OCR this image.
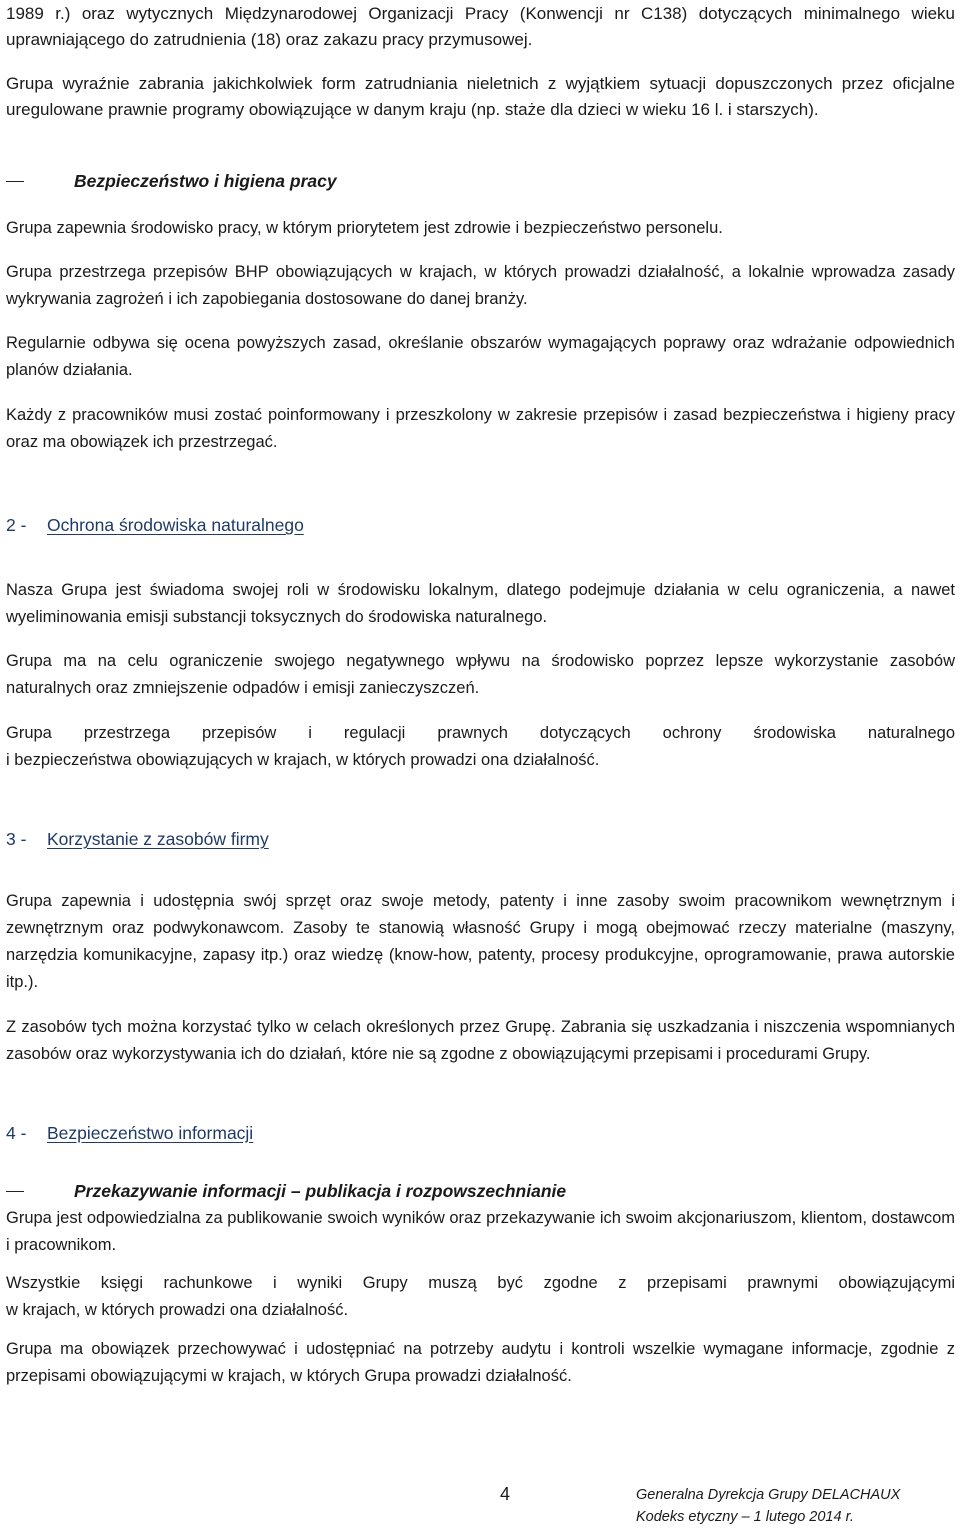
1989 r.) oraz wytycznych Międzynarodowej Organizacji Pracy (Konwencji nr C138) dotyczących minimalnego wieku uprawniającego do zatrudnienia (18) oraz zakazu pracy przymusowej.

Grupa wyraźnie zabrania jakichkolwiek form zatrudniania nieletnich z wyjątkiem sytuacji dopuszczonych przez oficjalne uregulowane prawnie programy obowiązujące w danym kraju (np. staże dla dzieci w wieku 16 l. i starszych).

Bezpieczeństwo i higiena pracy

Grupa zapewnia środowisko pracy, w którym priorytetem jest zdrowie i bezpieczeństwo personelu.

Grupa przestrzega przepisów BHP obowiązujących w krajach, w których prowadzi działalność, a lokalnie wprowadza zasady wykrywania zagrożeń i ich zapobiegania dostosowane do danej branży.

Regularnie odbywa się ocena powyższych zasad, określanie obszarów wymagających poprawy oraz wdrażanie odpowiednich planów działania.

Każdy z pracowników musi zostać poinformowany i przeszkolony w zakresie przepisów i zasad bezpieczeństwa i higieny pracy oraz ma obowiązek ich przestrzegać.

2 - Ochrona środowiska naturalnego

Nasza Grupa jest świadoma swojej roli w środowisku lokalnym, dlatego podejmuje działania w celu ograniczenia, a nawet wyeliminowania emisji substancji toksycznych do środowiska naturalnego.

Grupa ma na celu ograniczenie swojego negatywnego wpływu na środowisko poprzez lepsze wykorzystanie zasobów naturalnych oraz zmniejszenie odpadów i emisji zanieczyszczeń.

Grupa przestrzega przepisów i regulacji prawnych dotyczących ochrony środowiska naturalnego
i bezpieczeństwa obowiązujących w krajach, w których prowadzi ona działalność.
3 - Korzystanie z zasobów firmy

Grupa zapewnia i udostępnia swój sprzęt oraz swoje metody, patenty i inne zasoby swoim pracownikom wewnętrznym i zewnętrznym oraz podwykonawcom. Zasoby te stanowią własność Grupy i mogą obejmować rzeczy materialne (maszyny, narzędzia komunikacyjne, zapasy itp.) oraz wiedzę (know-how, patenty, procesy produkcyjne, oprogramowanie, prawa autorskie itp.).

Z zasobów tych można korzystać tylko w celach określonych przez Grupę. Zabrania się uszkadzania i niszczenia wspomnianych zasobów oraz wykorzystywania ich do działań, które nie są zgodne z obowiązującymi przepisami i procedurami Grupy.

4 - Bezpieczeństwo informacji
Przekazywanie informacji – publikacja i rozpowszechnianie

Grupa jest odpowiedzialna za publikowanie swoich wyników oraz przekazywanie ich swoim akcjonariuszom, klientom, dostawcom i pracownikom.

Wszystkie księgi rachunkowe i wyniki Grupy muszą być zgodne z przepisami prawnymi obowiązującymi
w krajach, w których prowadzi ona działalność.

Grupa ma obowiązek przechowywać i udostępniać na potrzeby audytu i kontroli wszelkie wymagane informacje, zgodnie z przepisami obowiązującymi w krajach, w których Grupa prowadzi działalność.

4	Generalna Dyrekcja Grupy DELACHAUX
Kodeks etyczny – 1 lutego 2014 r.
